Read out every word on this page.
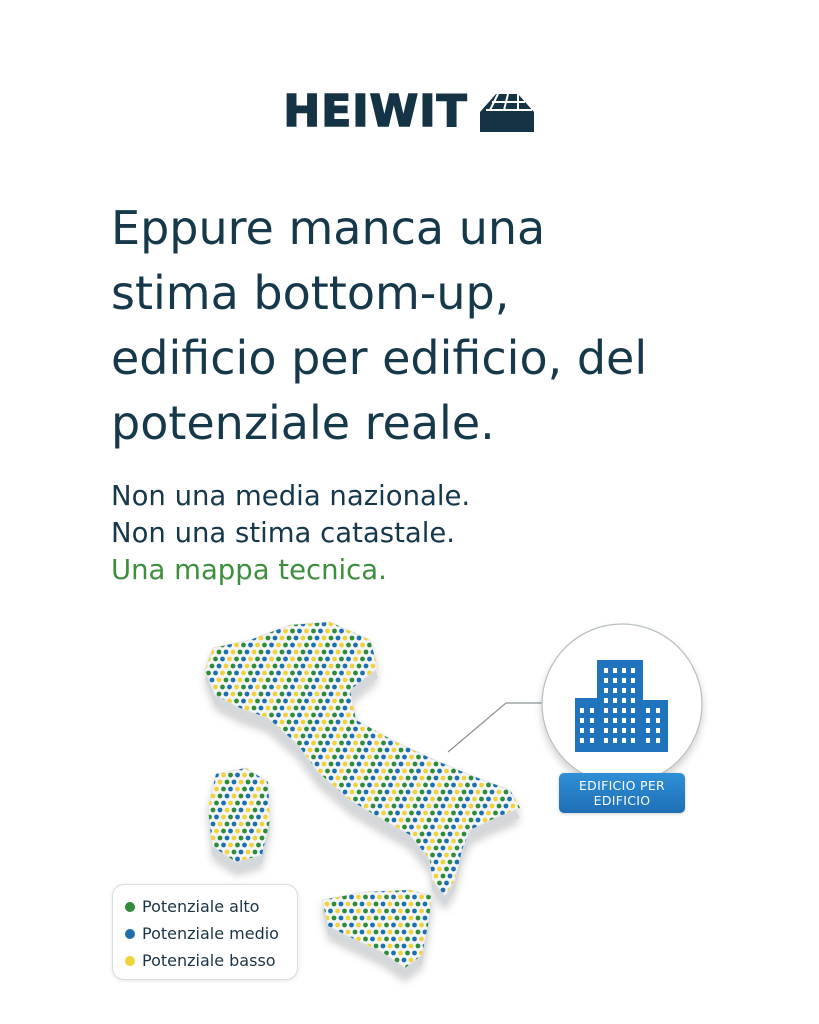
HEIWIT
Eppure manca una
stima bottom-up,
edificio per edificio, del
potenziale reale.
Non una media nazionale.
Non una stima catastale.
Una mappa tecnica.
EDIFICIO PER
EDIFICIO
Potenziale alto
Potenziale medio
Potenziale basso
